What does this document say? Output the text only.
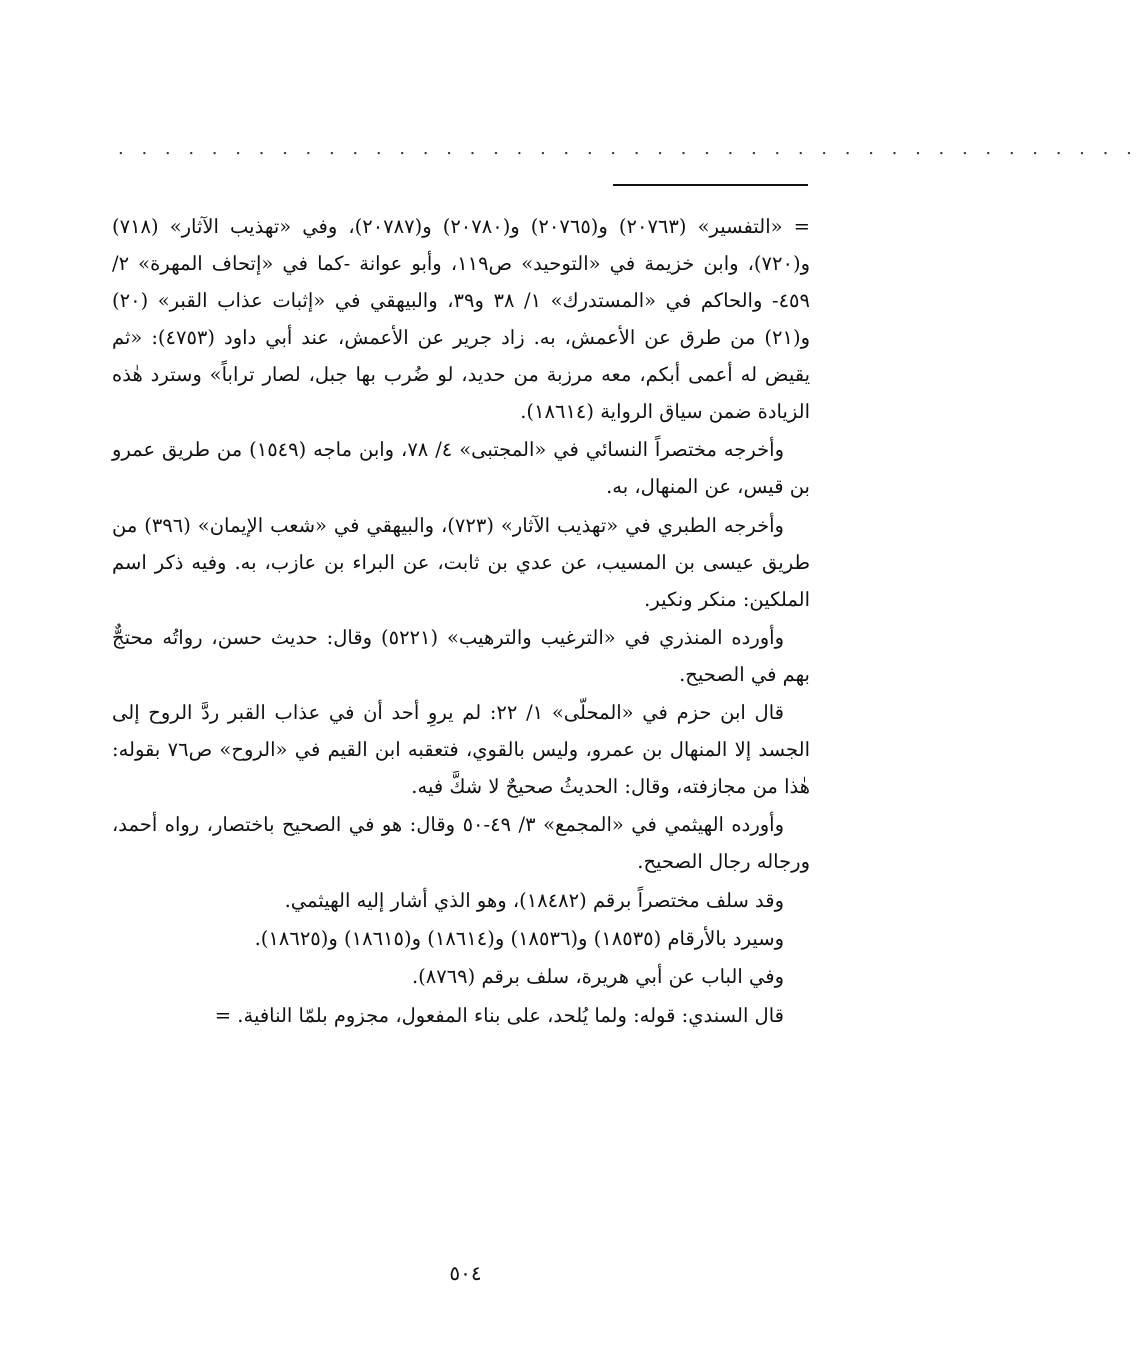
. . . . . . . . . . . . . . . . . . . . . . . . . . . . . . . . . . . . . . . . . . . .

= «التفسير» (٢٠٧٦٣) و(٢٠٧٦٥) و(٢٠٧٨٠) و(٢٠٧٨٧)، وفي «تهذيب الآثار» (٧١٨) و(٧٢٠)، وابن خزيمة في «التوحيد» ص١١٩، وأبو عوانة -كما في «إتحاف المهرة» ٢/ ٤٥٩- والحاكم في «المستدرك» ١/ ٣٨ و٣٩، والبيهقي في «إثبات عذاب القبر» (٢٠) و(٢١) من طرق عن الأعمش، به. زاد جرير عن الأعمش، عند أبي داود (٤٧٥٣): «ثم يقيض له أعمى أبكم، معه مرزبة من حديد، لو ضُرب بها جبل، لصار تراباً» وسترد هٰذه الزيادة ضمن سياق الرواية (١٨٦١٤).

وأخرجه مختصراً النسائي في «المجتبى» ٤/ ٧٨، وابن ماجه (١٥٤٩) من طريق عمرو بن قيس، عن المنهال، به.

وأخرجه الطبري في «تهذيب الآثار» (٧٢٣)، والبيهقي في «شعب الإيمان» (٣٩٦) من طريق عيسى بن المسيب، عن عدي بن ثابت، عن البراء بن عازب، به. وفيه ذكر اسم الملكين: منكر ونكير.

وأورده المنذري في «الترغيب والترهيب» (٥٢٢١) وقال: حديث حسن، رواتُه محتجٌّ بهم في الصحيح.

قال ابن حزم في «المحلّى» ١/ ٢٢: لم يروِ أحد أن في عذاب القبر ردَّ الروح إلى الجسد إلا المنهال بن عمرو، وليس بالقوي، فتعقبه ابن القيم في «الروح» ص٧٦ بقوله: هٰذا من مجازفته، وقال: الحديثُ صحيحٌ لا شكَّ فيه.

وأورده الهيثمي في «المجمع» ٣/ ٤٩-٥٠ وقال: هو في الصحيح باختصار، رواه أحمد، ورجاله رجال الصحيح.

وقد سلف مختصراً برقم (١٨٤٨٢)، وهو الذي أشار إليه الهيثمي.

وسيرد بالأرقام (١٨٥٣٥) و(١٨٥٣٦) و(١٨٦١٤) و(١٨٦١٥) و(١٨٦٢٥).

وفي الباب عن أبي هريرة، سلف برقم (٨٧٦٩).

قال السندي: قوله: ولما يُلحد، على بناء المفعول، مجزوم بلمّا النافية. =

٥٠٤
